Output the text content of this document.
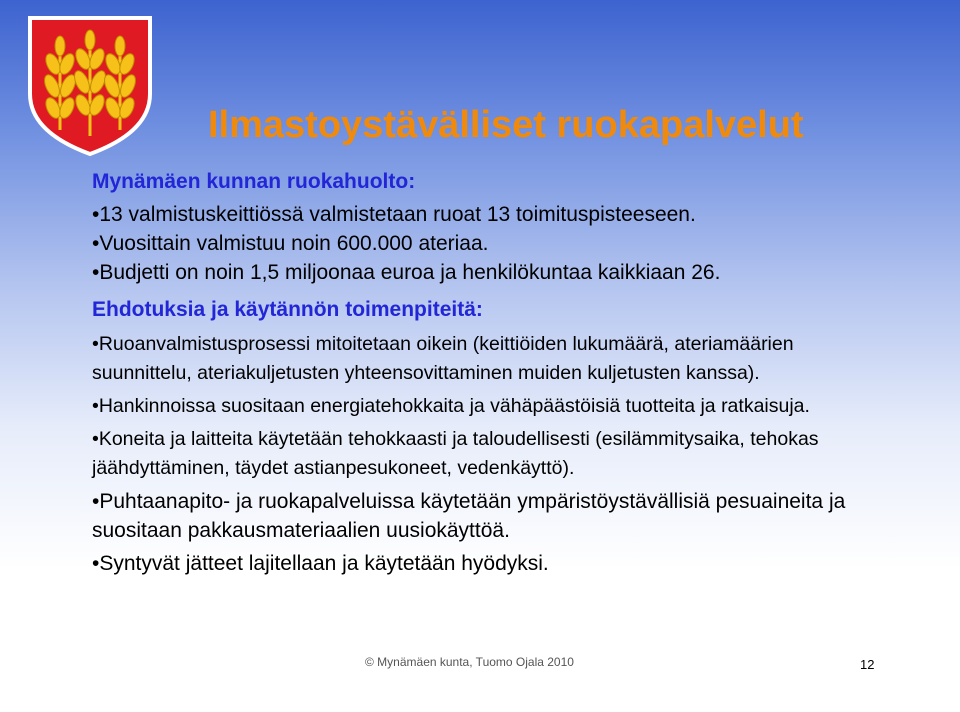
Ilmastoystävälliset ruokapalvelut

Mynämäen kunnan ruokahuolto:

•13 valmistuskeittiössä valmistetaan ruoat 13 toimituspisteeseen.

•Vuosittain valmistuu noin 600.000 ateriaa.

•Budjetti on noin 1,5 miljoonaa euroa ja henkilökuntaa kaikkiaan 26.

Ehdotuksia ja käytännön toimenpiteitä:

•Ruoanvalmistusprosessi mitoitetaan oikein (keittiöiden lukumäärä, ateriamäärien suunnittelu, ateriakuljetusten yhteensovittaminen muiden kuljetusten kanssa).

•Hankinnoissa suositaan energiatehokkaita ja vähäpäästöisiä tuotteita ja ratkaisuja.

•Koneita ja laitteita käytetään tehokkaasti ja taloudellisesti (esilämmitysaika, tehokas jäähdyttäminen, täydet astianpesukoneet, vedenkäyttö).

•Puhtaanapito- ja ruokapalveluissa käytetään ympäristöystävällisiä pesuaineita ja suositaan pakkausmateriaalien uusiokäyttöä.

•Syntyvät jätteet lajitellaan ja käytetään hyödyksi.

© Mynämäen kunta, Tuomo Ojala 2010	12
